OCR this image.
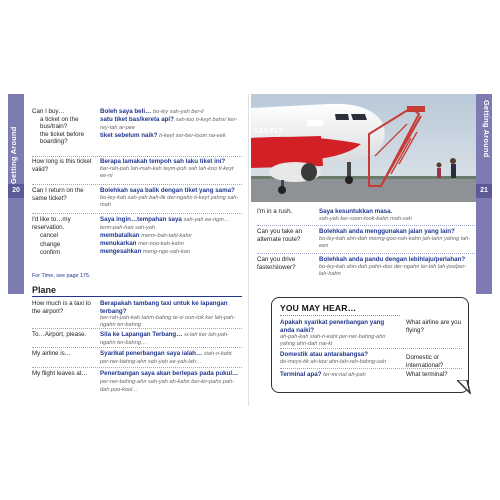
Getting Around
20
Can I buy…
a ticket on the bus/train?
the ticket before boarding?
Boleh saya beli… bo-ley sah-yah ber-li
satu tiket bas/kereta api? sah-too ti-keyt bahs/ ker-rey-tah ar-pee
tiket sebelum naik? ti-keyt ser-ber-loom na-eek
How long is this ticket valid?
Berapa lamakah tempoh sah laku tiket ini?
ber-rah-pah lah-mah-kah teym-poh sah lah-koo ti-keyt ee-ni
Can I return on the same ticket?
Bolehkah saya balik dengan tiket yang sama?
bo-ley-kah sah-yah bah-lik der-ngahn ti-keyt yahng sah-mah
I'd like to…my reservation.
cancel
change
confirm
Saya ingin…tempahan saya sah-yah ee-ngin… term-pah-han sah-yah
membatalkan merm-bah-tahl-kahn
menukarkan mer-noo-kah-kahn
mengesahkan meng-nge-sah-kan
For Time, see page 175.
Plane
How much is a taxi to the airport?
Berapakah tambang taxi untuk ke lapangan terbang?
ber-rah-pah-kah tahm-bahng te-si oon-tok ker lah-pah-ngahn ter-bahng
To…Airport, please.	Sila ke Lapangan Terbang… si-lah ker lah-pah-ngahn ter-bahng…
My airline is…	Syarikat penerbangan saya ialah… siah-ri-kaht per-ner-bahng-ahn sah-yah ee-yah-lah…
My flight leaves at…	Penerbangan saya akan berlepas pada pukul… per-ner-bahng-ahn sah-yah ah-kahn ber-ler-pahs pah-dah poo-kool…
Getting Around
21
CAN FLY
I'm in a rush.	Saya kesuntukkan masa.
sah-yah ker-soon-took-kahn mah-sah
Can you take an alternate route?
Bolehkah anda menggunakan jalan yang lain?
bo-ley-kah ahn-dah merng-goo-nah-kahn jah-lahn yahng lah-een
Can you drive faster/slower?
Bolehkah anda pandu dengan lebihlaju/perlahan?
bo-ley-kah ahn-dah pahn-doo der-ngahn ler-bih lah-joo/per-lah-hahn
YOU MAY HEAR…
Apakah syarikat penerbangan yang anda naiki?
ah-pah-kah siah-ri-kaht per-ner-bahng-ahn yahng ahn-dah nai-ki
What airline are you flying?
Domestik atau antarabangsa?
do-meys-tik ah-tow ahn-tah-rah-bahng-sah
Domestic or international?
Terminal apa? ter-mi-nal ah-pah	What terminal?
